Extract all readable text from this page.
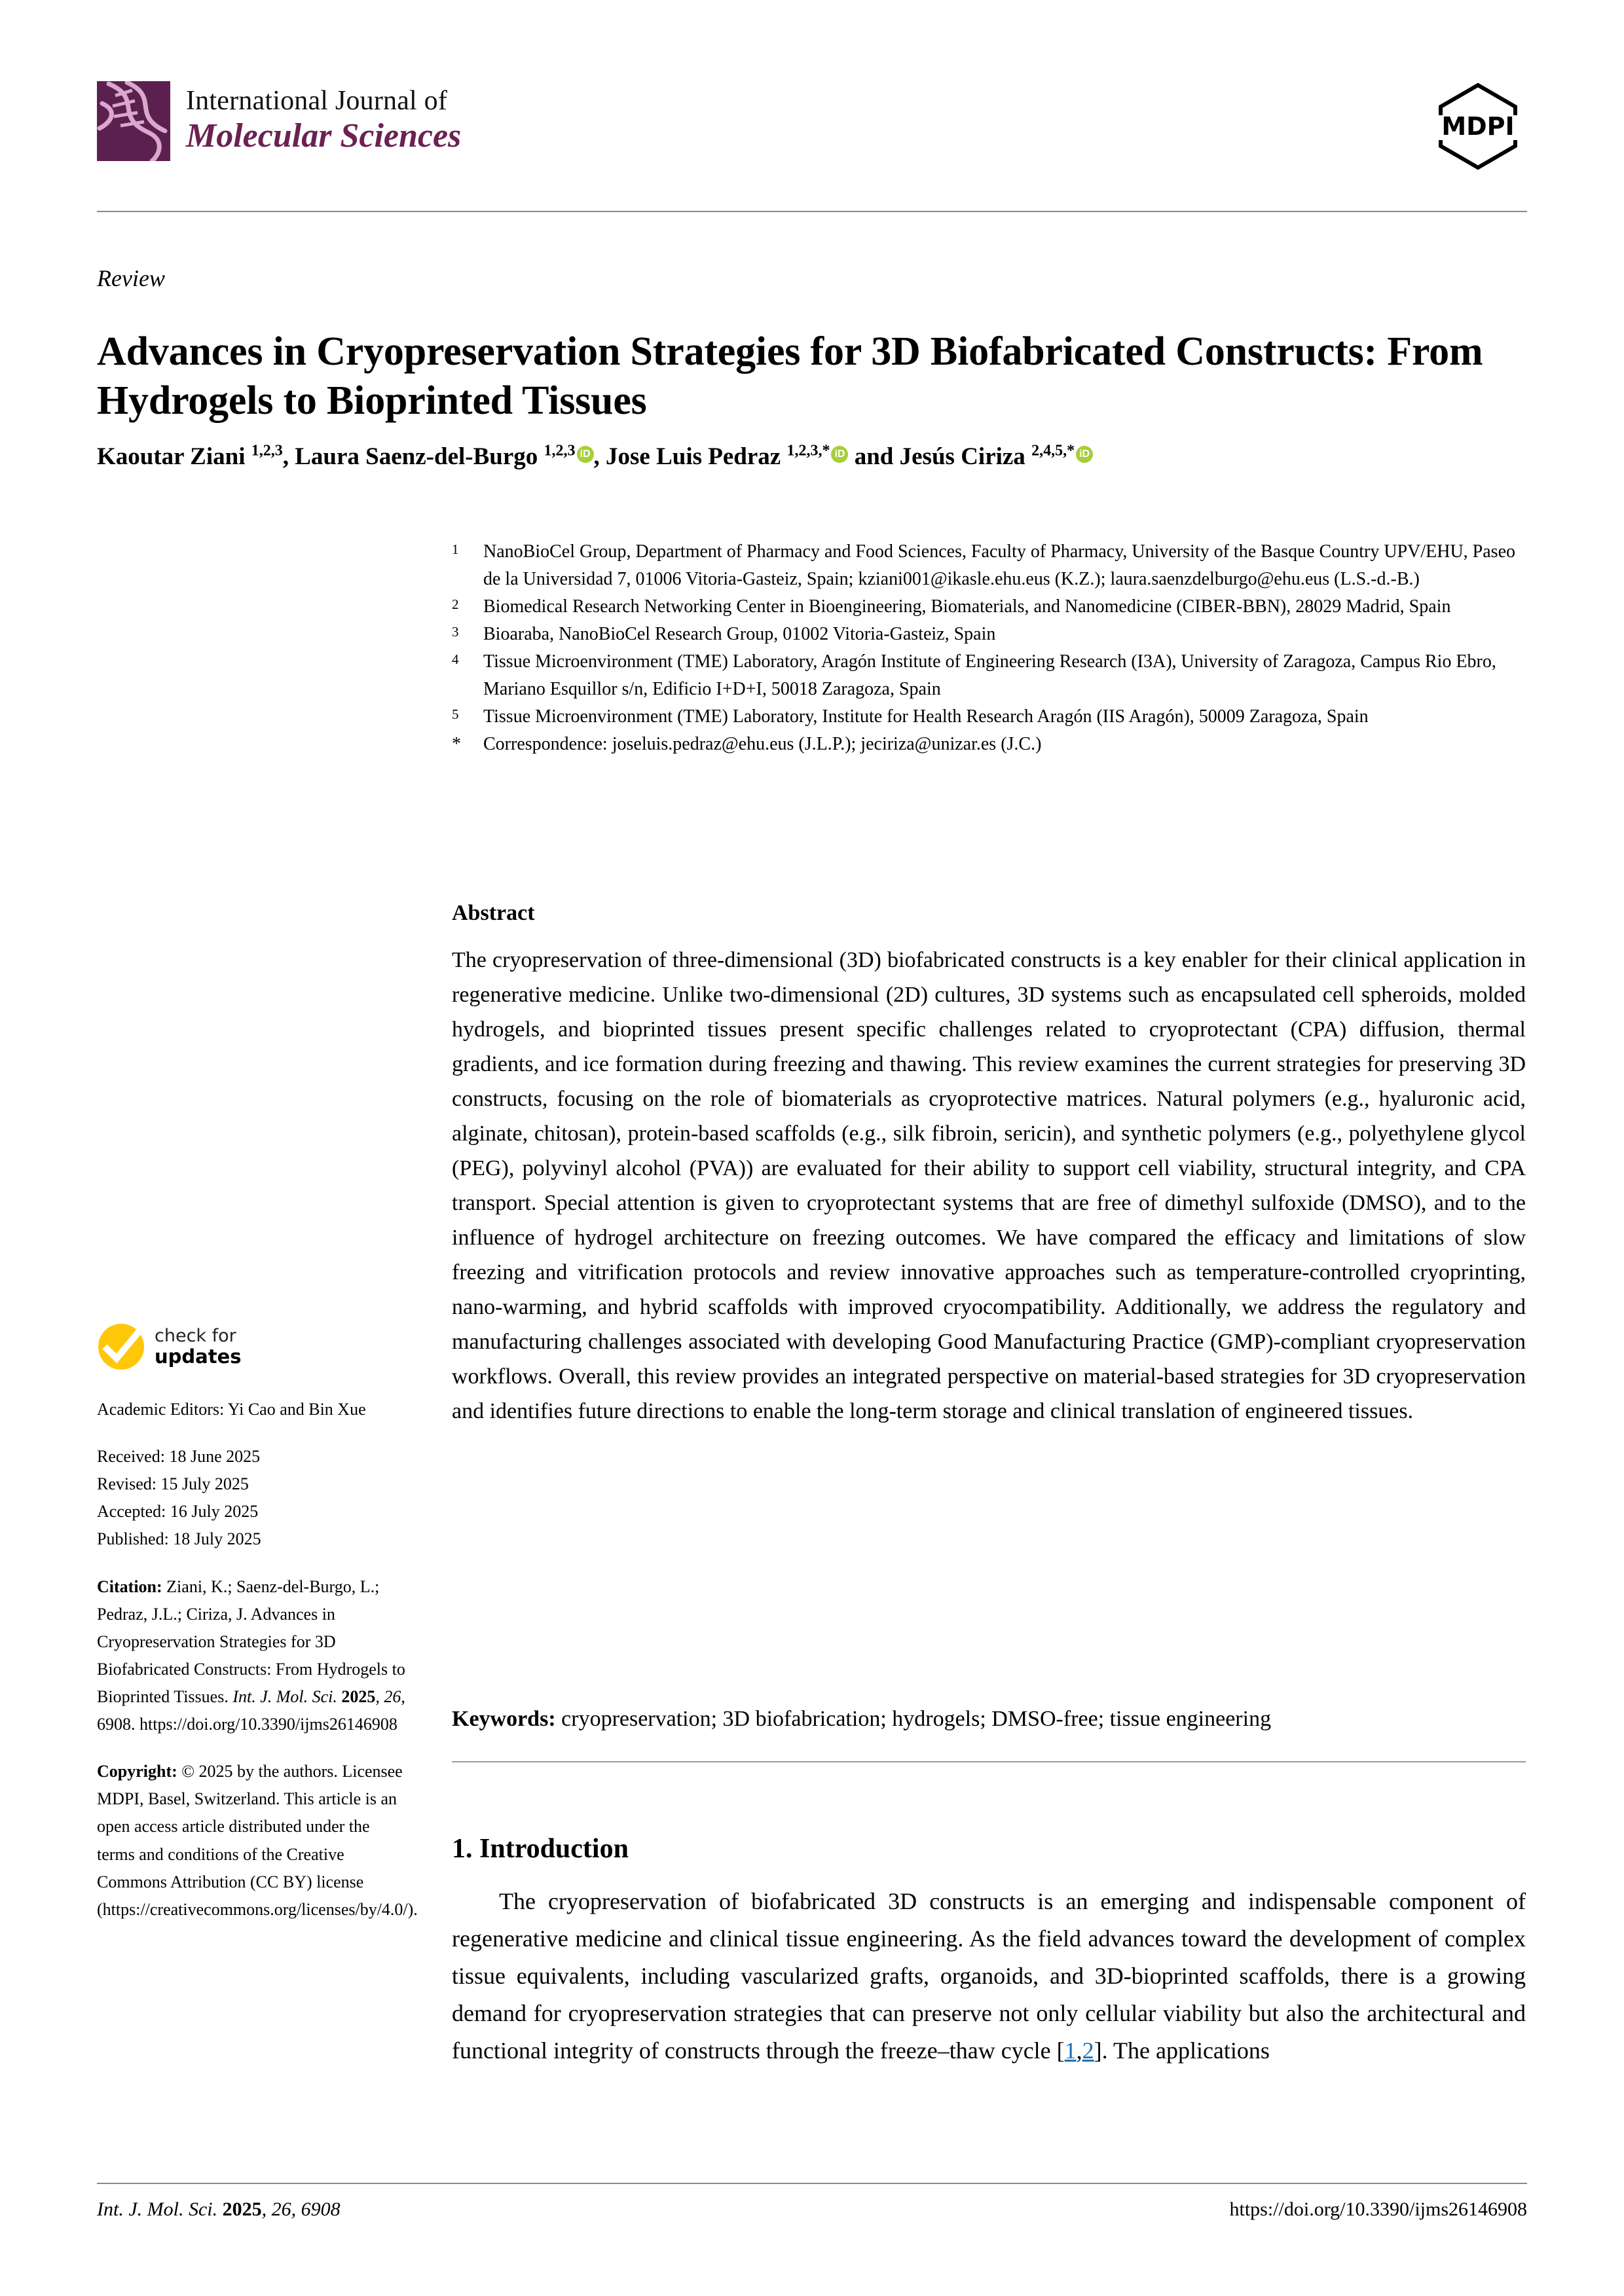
International Journal of
Molecular Sciences	MDPI
Review
Advances in Cryopreservation Strategies for 3D Biofabricated Constructs: From Hydrogels to Bioprinted Tissues
Kaoutar Ziani $^{1,2,3}$, Laura Saenz-del-Burgo $^{1,2,3}$ iD , Jose Luis Pedraz $^{1,2,3,*}$ iD and Jesús Ciriza $^{2,4,5,*}$ iD
1	NanoBioCel Group, Department of Pharmacy and Food Sciences, Faculty of Pharmacy, University of the Basque Country UPV/EHU, Paseo de la Universidad 7, 01006 Vitoria-Gasteiz, Spain; kziani001@ikasle.ehu.eus (K.Z.); laura.saenzdelburgo@ehu.eus (L.S.-d.-B.)
2	Biomedical Research Networking Center in Bioengineering, Biomaterials, and Nanomedicine (CIBER-BBN), 28029 Madrid, Spain
3	Bioaraba, NanoBioCel Research Group, 01002 Vitoria-Gasteiz, Spain
4	Tissue Microenvironment (TME) Laboratory, Aragón Institute of Engineering Research (I3A), University of Zaragoza, Campus Rio Ebro, Mariano Esquillor s/n, Edificio I+D+I, 50018 Zaragoza, Spain
5	Tissue Microenvironment (TME) Laboratory, Institute for Health Research Aragón (IIS Aragón), 50009 Zaragoza, Spain
*	Correspondence: joseluis.pedraz@ehu.eus (J.L.P.); jeciriza@unizar.es (J.C.)
Abstract
The cryopreservation of three-dimensional (3D) biofabricated constructs is a key enabler for their clinical application in regenerative medicine. Unlike two-dimensional (2D) cultures, 3D systems such as encapsulated cell spheroids, molded hydrogels, and bioprinted tissues present specific challenges related to cryoprotectant (CPA) diffusion, thermal gradients, and ice formation during freezing and thawing. This review examines the current strategies for preserving 3D constructs, focusing on the role of biomaterials as cryoprotective matrices. Natural polymers (e.g., hyaluronic acid, alginate, chitosan), protein-based scaffolds (e.g., silk fibroin, sericin), and synthetic polymers (e.g., polyethylene glycol (PEG), polyvinyl alcohol (PVA)) are evaluated for their ability to support cell viability, structural integrity, and CPA transport. Special attention is given to cryoprotectant systems that are free of dimethyl sulfoxide (DMSO), and to the influence of hydrogel architecture on freezing outcomes. We have compared the efficacy and limitations of slow freezing and vitrification protocols and review innovative approaches such as temperature-controlled cryoprinting, nano-warming, and hybrid scaffolds with improved cryocompatibility. Additionally, we address the regulatory and manufacturing challenges associated with developing Good Manufacturing Practice (GMP)-compliant cryopreservation workflows. Overall, this review provides an integrated perspective on material-based strategies for 3D cryopreservation and identifies future directions to enable the long-term storage and clinical translation of engineered tissues.
Keywords: cryopreservation; 3D biofabrication; hydrogels; DMSO-free; tissue engineering
1. Introduction
The cryopreservation of biofabricated 3D constructs is an emerging and indispensable component of regenerative medicine and clinical tissue engineering. As the field advances toward the development of complex tissue equivalents, including vascularized grafts, organoids, and 3D-bioprinted scaffolds, there is a growing demand for cryopreservation strategies that can preserve not only cellular viability but also the architectural and functional integrity of constructs through the freeze–thaw cycle [1,2]. The applications
check for
updates
Academic Editors: Yi Cao and Bin Xue
Received: 18 June 2025
Revised: 15 July 2025
Accepted: 16 July 2025
Published: 18 July 2025
Citation: Ziani, K.; Saenz-del-Burgo, L.; Pedraz, J.L.; Ciriza, J. Advances in Cryopreservation Strategies for 3D Biofabricated Constructs: From Hydrogels to Bioprinted Tissues. Int. J. Mol. Sci. 2025, 26, 6908. https://doi.org/10.3390/ijms26146908
Copyright: © 2025 by the authors. Licensee MDPI, Basel, Switzerland. This article is an open access article distributed under the terms and conditions of the Creative Commons Attribution (CC BY) license (https://creativecommons.org/licenses/by/4.0/).
Int. J. Mol. Sci. 2025, 26, 6908	https://doi.org/10.3390/ijms26146908
